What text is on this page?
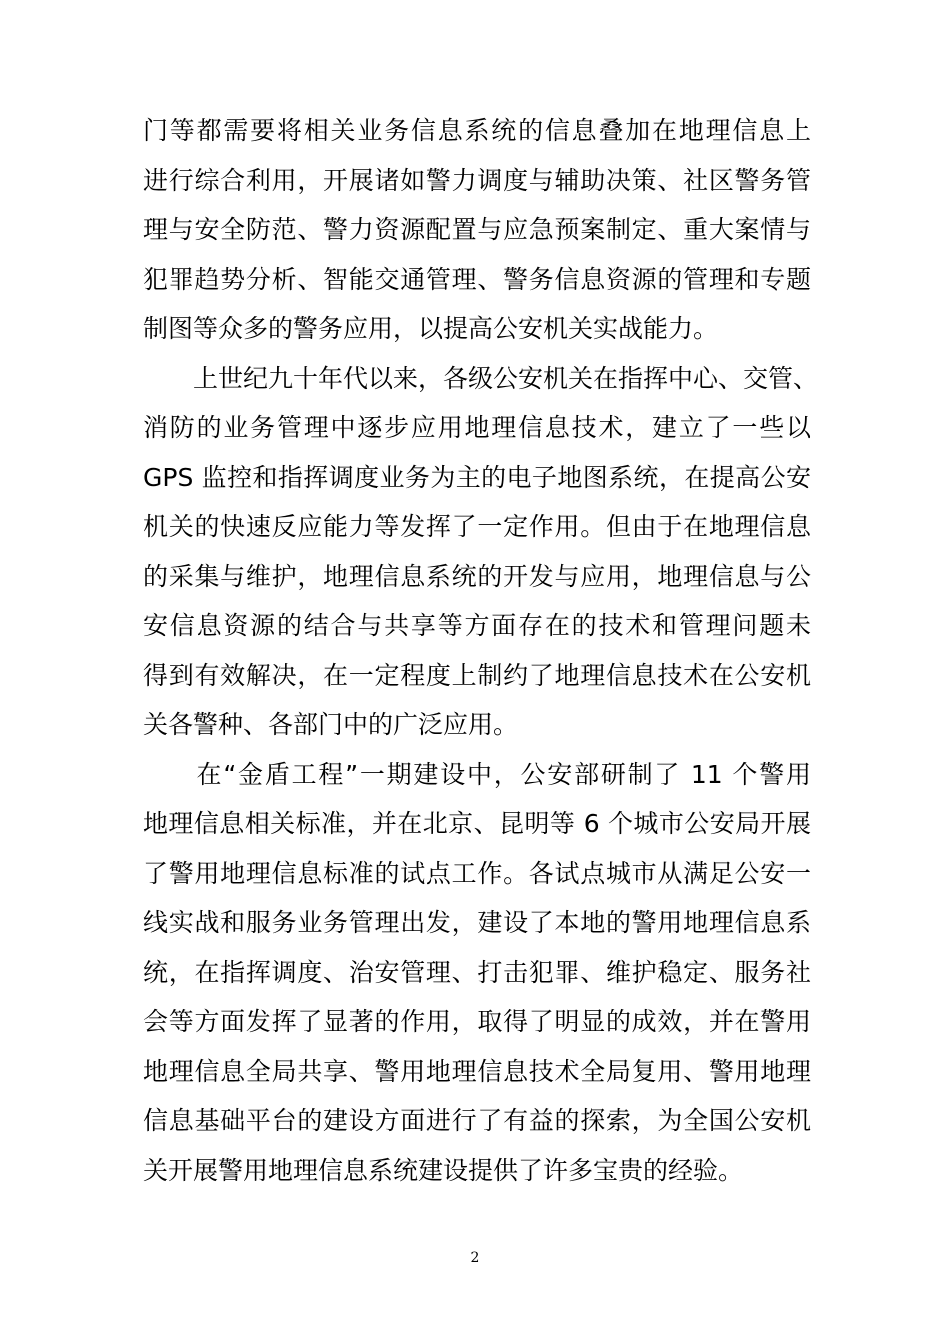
门等都需要将相关业务信息系统的信息叠加在地理信息上
进行综合利用，开展诸如警力调度与辅助决策、社区警务管
理与安全防范、警力资源配置与应急预案制定、重大案情与
犯罪趋势分析、智能交通管理、警务信息资源的管理和专题
制图等众多的警务应用，以提高公安机关实战能力。
　　上世纪九十年代以来，各级公安机关在指挥中心、交管、
消防的业务管理中逐步应用地理信息技术，建立了一些以
GPS 监控和指挥调度业务为主的电子地图系统，在提高公安
机关的快速反应能力等发挥了一定作用。但由于在地理信息
的采集与维护，地理信息系统的开发与应用，地理信息与公
安信息资源的结合与共享等方面存在的技术和管理问题未
得到有效解决，在一定程度上制约了地理信息技术在公安机
关各警种、各部门中的广泛应用。
　　在“金盾工程”一期建设中，公安部研制了 11 个警用
地理信息相关标准，并在北京、昆明等 6 个城市公安局开展
了警用地理信息标准的试点工作。各试点城市从满足公安一
线实战和服务业务管理出发，建设了本地的警用地理信息系
统，在指挥调度、治安管理、打击犯罪、维护稳定、服务社
会等方面发挥了显著的作用，取得了明显的成效，并在警用
地理信息全局共享、警用地理信息技术全局复用、警用地理
信息基础平台的建设方面进行了有益的探索，为全国公安机
关开展警用地理信息系统建设提供了许多宝贵的经验。
2
